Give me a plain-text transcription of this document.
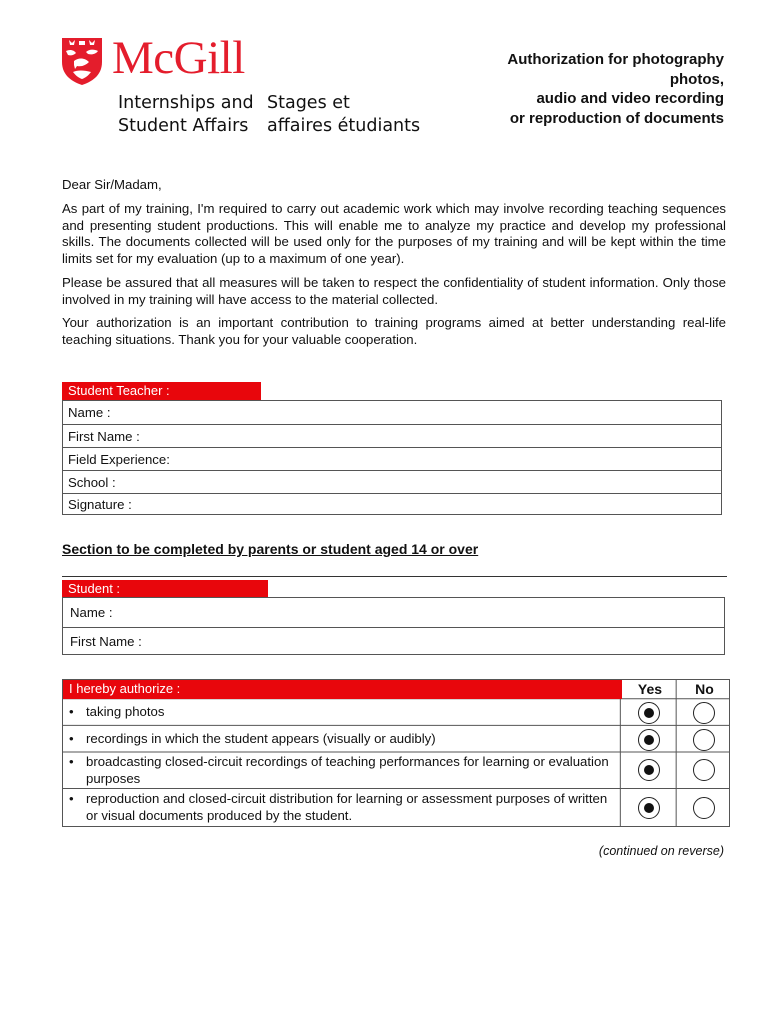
McGill
Internships and
Student Affairs
Stages et
affaires étudiants
Authorization for photography
photos,
audio and video recording
or reproduction of documents
Dear Sir/Madam,
As part of my training, I'm required to carry out academic work which may involve recording teaching sequences and presenting student productions. This will enable me to analyze my practice and develop my professional skills. The documents collected will be used only for the purposes of my training and will be kept within the time limits set for my evaluation (up to a maximum of one year).
Please be assured that all measures will be taken to respect the confidentiality of student information. Only those involved in my training will have access to the material collected.
Your authorization is an important contribution to training programs aimed at better understanding real-life teaching situations. Thank you for your valuable cooperation.
Student Teacher :
Name :
First Name :
Field Experience:
School :
Signature :
Section to be completed by parents or student aged 14 or over
Student :
Name :
First Name :
I hereby authorize :	Yes	No
• taking photos
• recordings in which the student appears (visually or audibly)
• broadcasting closed-circuit recordings of teaching performances for learning or evaluation purposes
• reproduction and closed-circuit distribution for learning or assessment purposes of written or visual documents produced by the student.
(continued on reverse)
